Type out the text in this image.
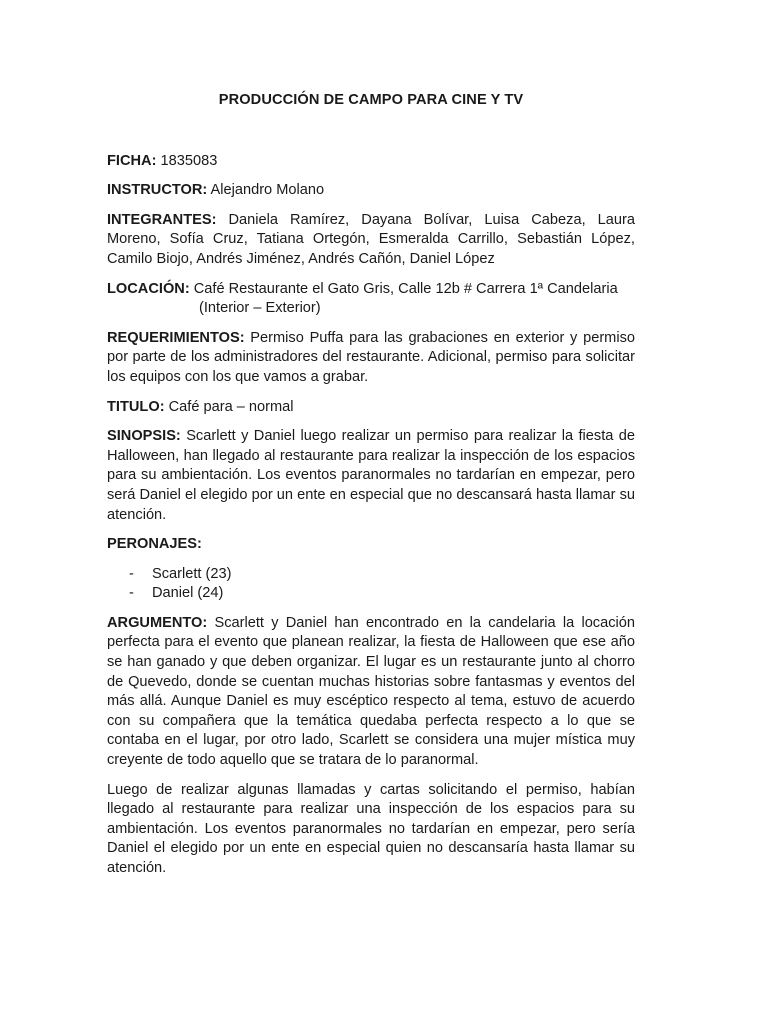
PRODUCCIÓN DE CAMPO PARA CINE Y TV
FICHA: 1835083
INSTRUCTOR: Alejandro Molano
INTEGRANTES: Daniela Ramírez, Dayana Bolívar, Luisa Cabeza, Laura Moreno, Sofía Cruz, Tatiana Ortegón, Esmeralda Carrillo, Sebastián López, Camilo Biojo, Andrés Jiménez, Andrés Cañón, Daniel López
LOCACIÓN: Café Restaurante el Gato Gris, Calle 12b # Carrera 1ª Candelaria
(Interior – Exterior)
REQUERIMIENTOS: Permiso Puffa para las grabaciones en exterior y permiso por parte de los administradores del restaurante. Adicional, permiso para solicitar los equipos con los que vamos a grabar.
TITULO: Café para – normal
SINOPSIS: Scarlett y Daniel luego realizar un permiso para realizar la fiesta de Halloween, han llegado al restaurante para realizar la inspección de los espacios para su ambientación. Los eventos paranormales no tardarían en empezar, pero será Daniel el elegido por un ente en especial que no descansará hasta llamar su atención.
PERONAJES:
- Scarlett (23)
- Daniel (24)
ARGUMENTO: Scarlett y Daniel han encontrado en la candelaria la locación perfecta para el evento que planean realizar, la fiesta de Halloween que ese año se han ganado y que deben organizar. El lugar es un restaurante junto al chorro de Quevedo, donde se cuentan muchas historias sobre fantasmas y eventos del más allá. Aunque Daniel es muy escéptico respecto al tema, estuvo de acuerdo con su compañera que la temática quedaba perfecta respecto a lo que se contaba en el lugar, por otro lado, Scarlett se considera una mujer mística muy creyente de todo aquello que se tratara de lo paranormal.
Luego de realizar algunas llamadas y cartas solicitando el permiso, habían llegado al restaurante para realizar una inspección de los espacios para su ambientación. Los eventos paranormales no tardarían en empezar, pero sería Daniel el elegido por un ente en especial quien no descansaría hasta llamar su atención.
